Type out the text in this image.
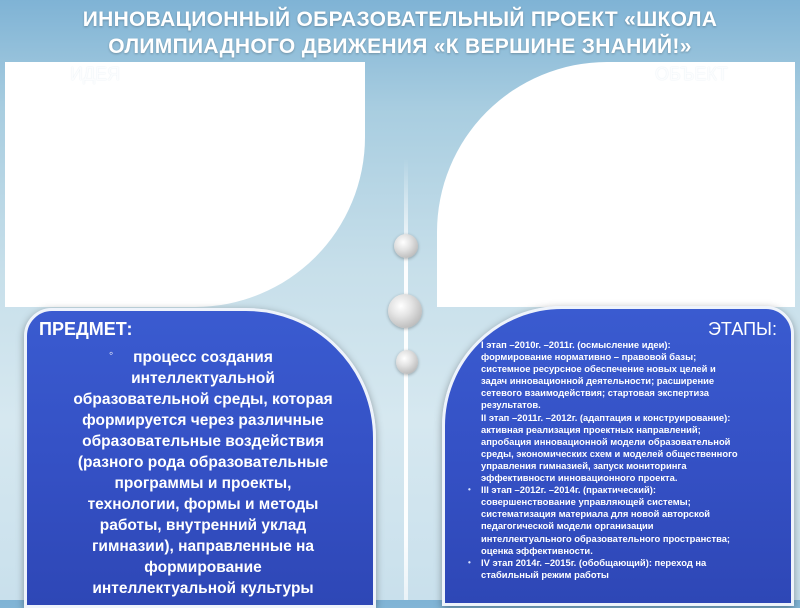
ИННОВАЦИОННЫЙ ОБРАЗОВАТЕЛЬНЫЙ ПРОЕКТ «ШКОЛА
ОЛИМПИАДНОГО ДВИЖЕНИЯ «К ВЕРШИНЕ ЗНАНИЙ!»
ИДЕЯ	ОБЪЕКТ
ПРЕДМЕТ:
◦	процесс создания
интеллектуальной
образовательной среды, которая
формируется через различные
образовательные воздействия
(разного рода образовательные
программы и проекты,
технологии, формы и методы
работы, внутренний уклад
гимназии), направленные на
формирование
интеллектуальной культуры
ЭТАПЫ:
• I этап –2010г. –2011г. (осмысление идеи):
формирование нормативно – правовой базы;
системное ресурсное обеспечение новых целей и
задач инновационной деятельности; расширение
сетевого взаимодействия; стартовая экспертиза
результатов.
II этап –2011г. –2012г. (адаптация и конструирование):
активная реализация проектных направлений;
апробация инновационной модели образовательной
среды, экономических схем и моделей общественного
управления гимназией, запуск мониторинга
эффективности инновационного проекта.
• III этап –2012г. –2014г. (практический):
совершенствование управляющей системы;
систематизация материала для новой авторской
педагогической модели организации
интеллектуального образовательного пространства;
оценка эффективности.
• IV этап 2014г. –2015г. (обобщающий): переход на
стабильный режим работы
